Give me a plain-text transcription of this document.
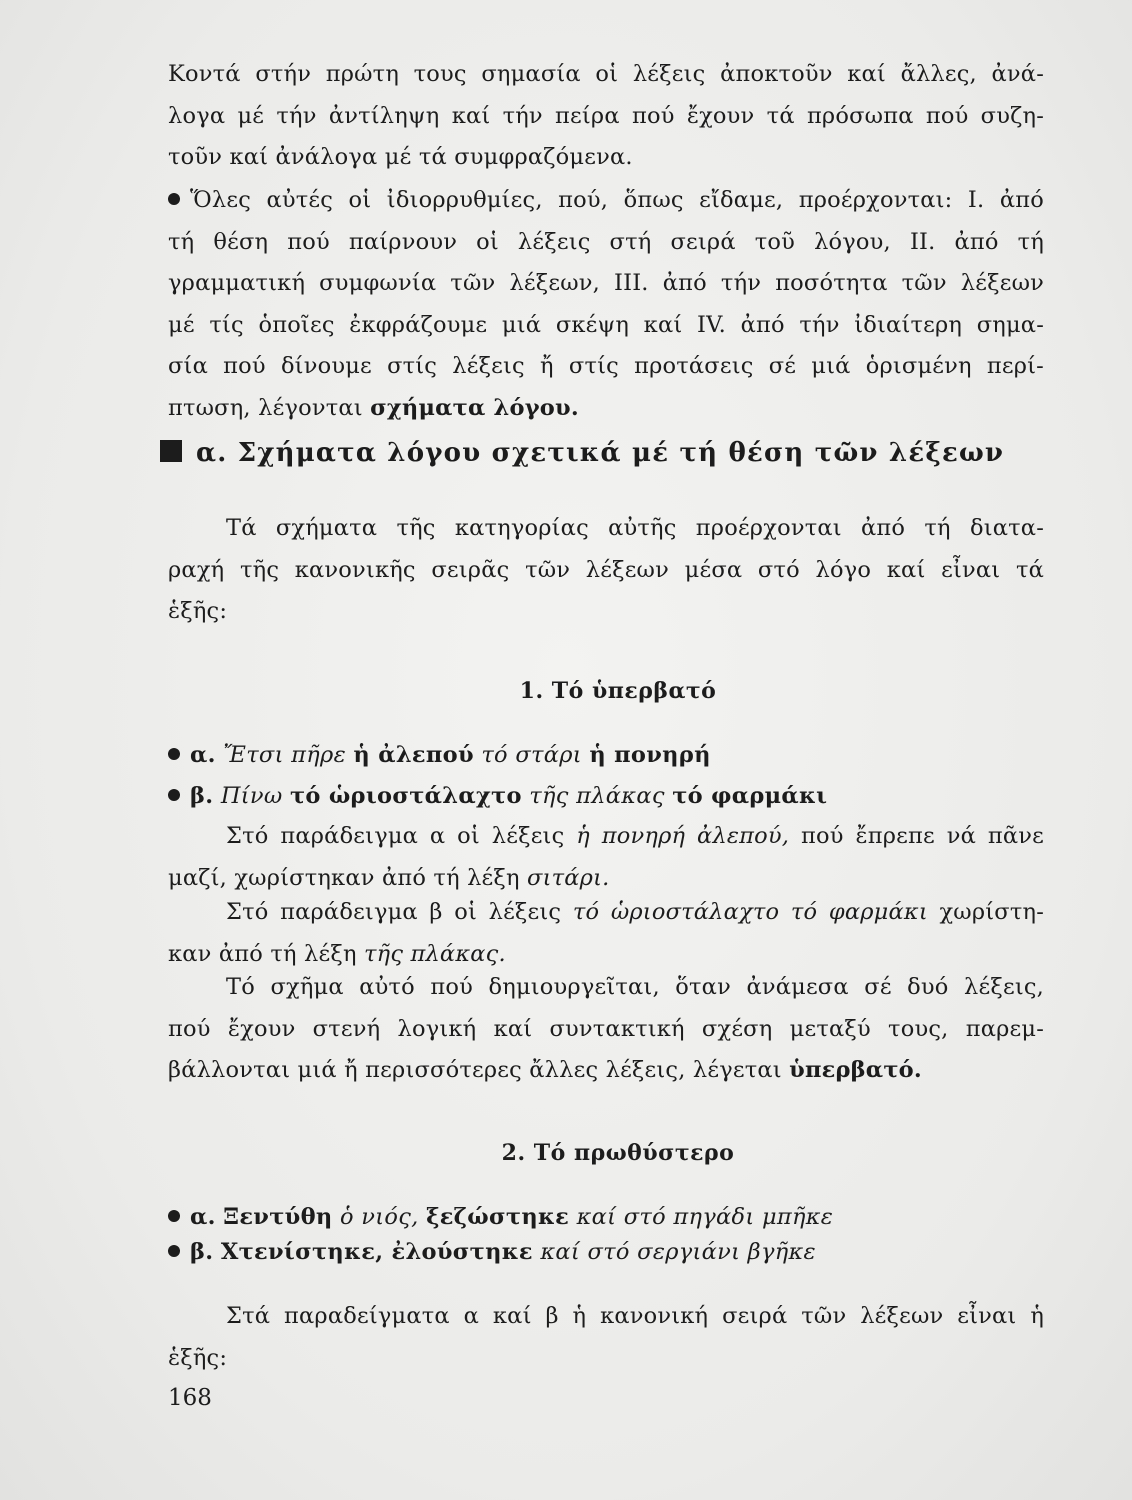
Κοντά στήν πρώτη τους σημασία οἱ λέξεις ἀποκτοῦν καί ἄλλες, ἀνά-

λογα μέ τήν ἀντίληψη καί τήν πείρα πού ἔχουν τά πρόσωπα πού συζη-

τοῦν καί ἀνάλογα μέ τά συμφραζόμενα.

Ὅλες αὐτές οἱ ἰδιορρυθμίες, πού, ὅπως εἴδαμε, προέρχονται: Ι. ἀπό

τή θέση πού παίρνουν οἱ λέξεις στή σειρά τοῦ λόγου, ΙΙ. ἀπό τή

γραμματική συμφωνία τῶν λέξεων, ΙΙΙ. ἀπό τήν ποσότητα τῶν λέξεων

μέ τίς ὁποῖες ἐκφράζουμε μιά σκέψη καί ΙV. ἀπό τήν ἰδιαίτερη σημα-

σία πού δίνουμε στίς λέξεις ἤ στίς προτάσεις σέ μιά ὁρισμένη περί-

πτωση, λέγονται σχήματα λόγου.

α. Σχήματα λόγου σχετικά μέ τή θέση τῶν λέξεων

Τά σχήματα τῆς κατηγορίας αὐτῆς προέρχονται ἀπό τή διατα-

ραχή τῆς κανονικῆς σειρᾶς τῶν λέξεων μέσα στό λόγο καί εἶναι τά

ἑξῆς:

1. Τό ὑπερβατό
α. Ἔτσι πῆρε ἡ ἀλεπού τό στάρι ἡ πονηρή
β. Πίνω τό ὡριοστάλαχτο τῆς πλάκας τό φαρμάκι

Στό παράδειγμα α οἱ λέξεις ἡ πονηρή ἀλεπού, πού ἔπρεπε νά πᾶνε

μαζί, χωρίστηκαν ἀπό τή λέξη σιτάρι.

Στό παράδειγμα β οἱ λέξεις τό ὡριοστάλαχτο τό φαρμάκι χωρίστη-

καν ἀπό τή λέξη τῆς πλάκας.

Τό σχῆμα αὐτό πού δημιουργεῖται, ὅταν ἀνάμεσα σέ δυό λέξεις,

πού ἔχουν στενή λογική καί συντακτική σχέση μεταξύ τους, παρεμ-

βάλλονται μιά ἤ περισσότερες ἄλλες λέξεις, λέγεται ὑπερβατό.

2. Τό πρωθύστερο
α. Ξεντύθη ὁ νιός, ξεζώστηκε καί στό πηγάδι μπῆκε
β. Χτενίστηκε, ἐλούστηκε καί στό σεργιάνι βγῆκε

Στά παραδείγματα α καί β ἡ κανονική σειρά τῶν λέξεων εἶναι ἡ

ἑξῆς:

168
